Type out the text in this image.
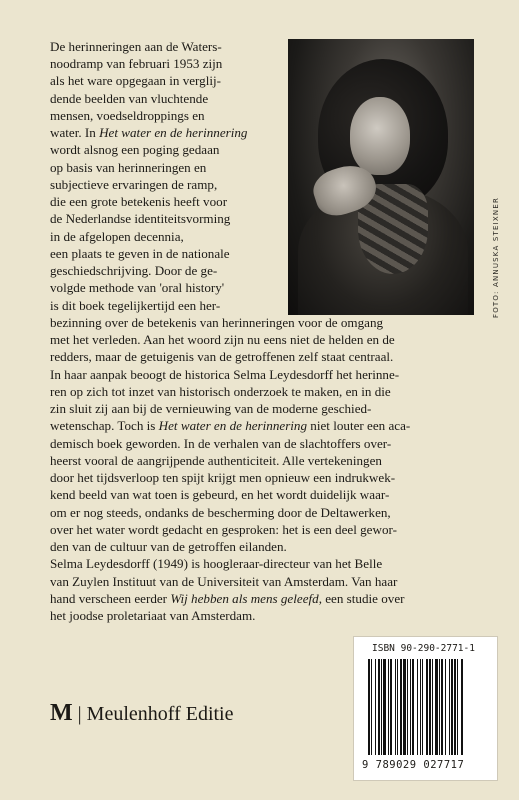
FOTO: ANNUSKA STEIXNER

De herinneringen aan de Waters-

noodramp van februari 1953 zijn

als het ware opgegaan in verglij-

dende beelden van vluchtende

mensen, voedseldroppings en

water. In Het water en de herinnering

wordt alsnog een poging gedaan

op basis van herinneringen en

subjectieve ervaringen de ramp,

die een grote betekenis heeft voor

de Nederlandse identiteitsvorming

in de afgelopen decennia,

een plaats te geven in de nationale

geschiedschrijving. Door de ge-

volgde methode van 'oral history'

is dit boek tegelijkertijd een her-

bezinning over de betekenis van herinneringen voor de omgang

met het verleden. Aan het woord zijn nu eens niet de helden en de

redders, maar de getuigenis van de getroffenen zelf staat centraal.

In haar aanpak beoogt de historica Selma Leydesdorff het herinne-

ren op zich tot inzet van historisch onderzoek te maken, en in die

zin sluit zij aan bij de vernieuwing van de moderne geschied-

wetenschap. Toch is Het water en de herinnering niet louter een aca-

demisch boek geworden. In de verhalen van de slachtoffers over-

heerst vooral de aangrijpende authenticiteit. Alle vertekeningen

door het tijdsverloop ten spijt krijgt men opnieuw een indrukwek-

kend beeld van wat toen is gebeurd, en het wordt duidelijk waar-

om er nog steeds, ondanks de bescherming door de Deltawerken,

over het water wordt gedacht en gesproken: het is een deel gewor-

den van de cultuur van de getroffen eilanden.

Selma Leydesdorff (1949) is hoogleraar-directeur van het Belle

van Zuylen Instituut van de Universiteit van Amsterdam. Van haar

hand verscheen eerder Wij hebben als mens geleefd, een studie over

het joodse proletariaat van Amsterdam.

M | Meulenhoff Editie
ISBN 90-290-2771-1
9 789029 027717
